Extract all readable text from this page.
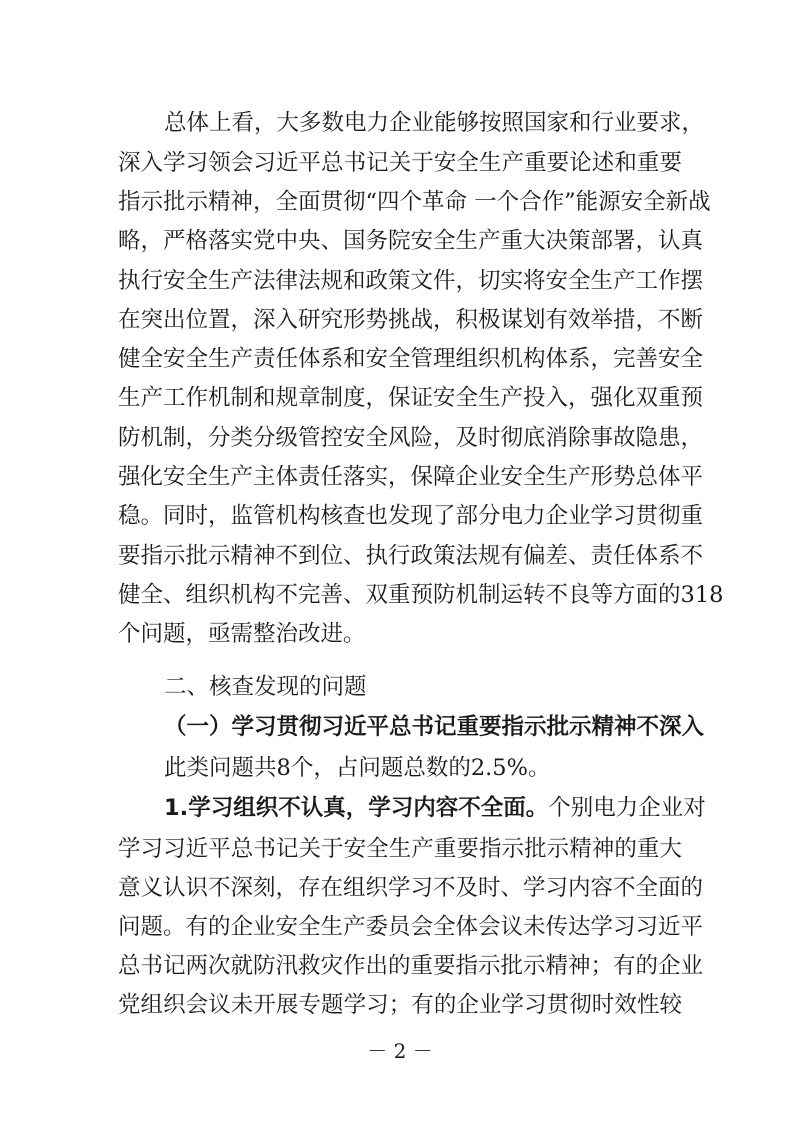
总体上看，大多数电力企业能够按照国家和行业要求，
深入学习领会习近平总书记关于安全生产重要论述和重要
指示批示精神，全面贯彻“四个革命 一个合作”能源安全新战
略，严格落实党中央、国务院安全生产重大决策部署，认真
执行安全生产法律法规和政策文件，切实将安全生产工作摆
在突出位置，深入研究形势挑战，积极谋划有效举措，不断
健全安全生产责任体系和安全管理组织机构体系，完善安全
生产工作机制和规章制度，保证安全生产投入，强化双重预
防机制，分类分级管控安全风险，及时彻底消除事故隐患，
强化安全生产主体责任落实，保障企业安全生产形势总体平
稳。同时，监管机构核查也发现了部分电力企业学习贯彻重
要指示批示精神不到位、执行政策法规有偏差、责任体系不
健全、组织机构不完善、双重预防机制运转不良等方面的318
个问题，亟需整治改进。
二、核查发现的问题
（一）学习贯彻习近平总书记重要指示批示精神不深入
此类问题共8个，占问题总数的2.5%。
1.学习组织不认真，学习内容不全面。个别电力企业对
学习习近平总书记关于安全生产重要指示批示精神的重大
意义认识不深刻，存在组织学习不及时、学习内容不全面的
问题。有的企业安全生产委员会全体会议未传达学习习近平
总书记两次就防汛救灾作出的重要指示批示精神；有的企业
党组织会议未开展专题学习；有的企业学习贯彻时效性较
－ 2 －
